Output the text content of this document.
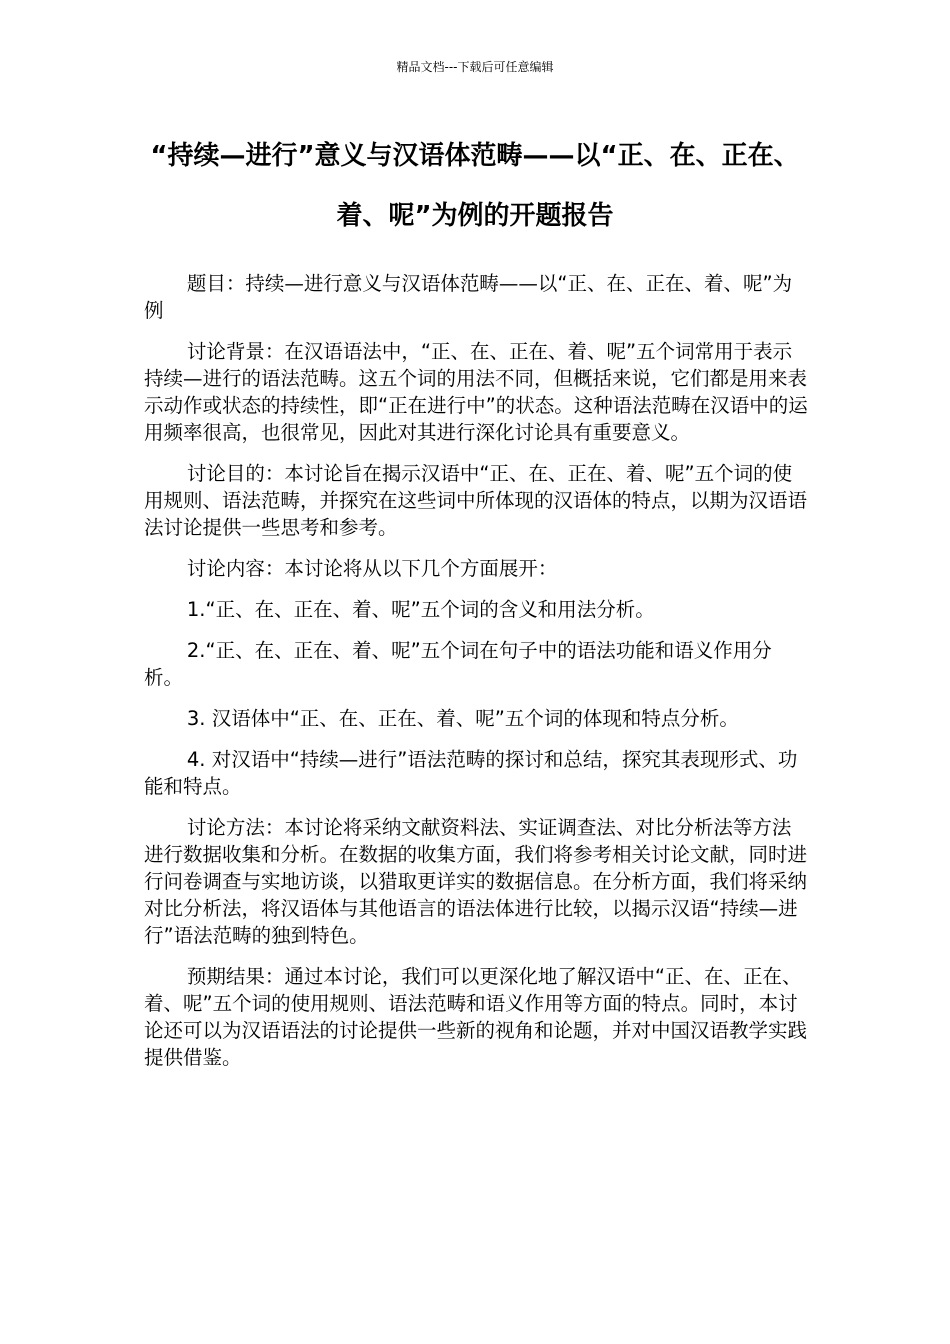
精品文档---下载后可任意编辑
“持续—进行”意义与汉语体范畴——以“正、在、正在、着、呢”为例的开题报告

题目：持续—进行意义与汉语体范畴——以“正、在、正在、着、呢”为例

讨论背景：在汉语语法中，“正、在、正在、着、呢”五个词常用于表示持续—进行的语法范畴。这五个词的用法不同，但概括来说，它们都是用来表示动作或状态的持续性，即“正在进行中”的状态。这种语法范畴在汉语中的运用频率很高，也很常见，因此对其进行深化讨论具有重要意义。

讨论目的：本讨论旨在揭示汉语中“正、在、正在、着、呢”五个词的使用规则、语法范畴，并探究在这些词中所体现的汉语体的特点，以期为汉语语法讨论提供一些思考和参考。

讨论内容：本讨论将从以下几个方面展开：

1.“正、在、正在、着、呢”五个词的含义和用法分析。

2.“正、在、正在、着、呢”五个词在句子中的语法功能和语义作用分析。

3. 汉语体中“正、在、正在、着、呢”五个词的体现和特点分析。

4. 对汉语中“持续—进行”语法范畴的探讨和总结，探究其表现形式、功能和特点。

讨论方法：本讨论将采纳文献资料法、实证调查法、对比分析法等方法进行数据收集和分析。在数据的收集方面，我们将参考相关讨论文献，同时进行问卷调查与实地访谈，以猎取更详实的数据信息。在分析方面，我们将采纳对比分析法，将汉语体与其他语言的语法体进行比较，以揭示汉语“持续—进行”语法范畴的独到特色。

预期结果：通过本讨论，我们可以更深化地了解汉语中“正、在、正在、着、呢”五个词的使用规则、语法范畴和语义作用等方面的特点。同时，本讨论还可以为汉语语法的讨论提供一些新的视角和论题，并对中国汉语教学实践提供借鉴。
